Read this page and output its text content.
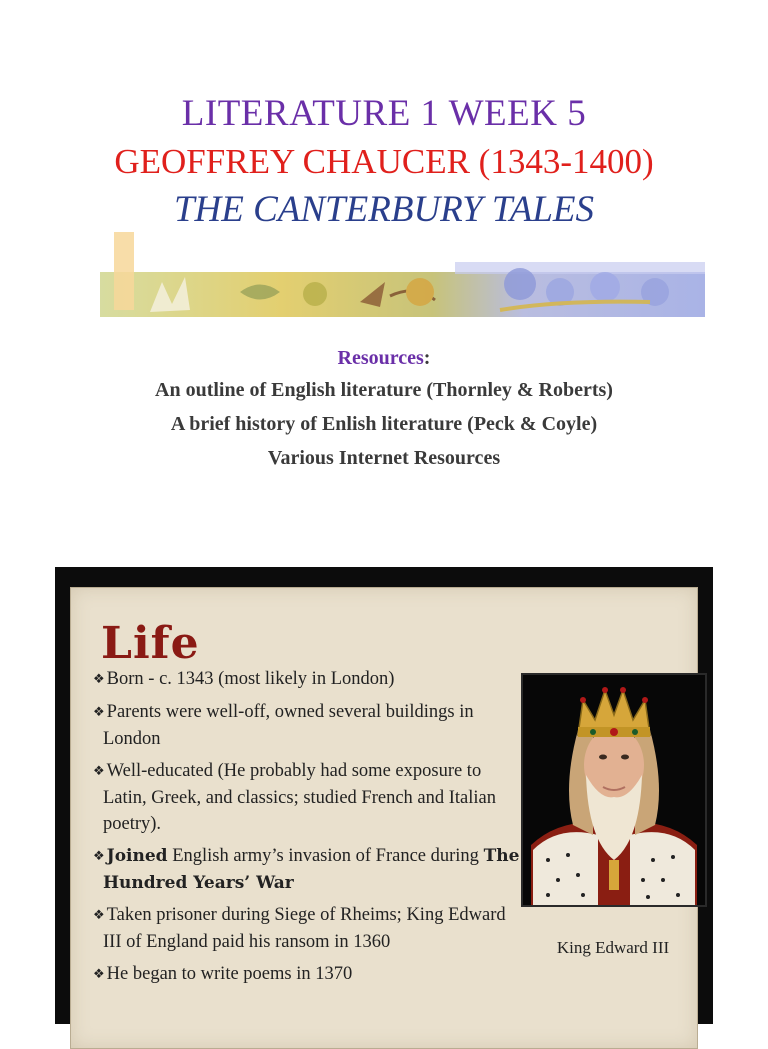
LITERATURE 1 WEEK 5
GEOFFREY CHAUCER (1343-1400)
THE CANTERBURY TALES
Resources:
An outline of English literature (Thornley & Roberts)
A brief history of Enlish literature (Peck & Coyle)
Various Internet Resources
Life
❖ Born - c. 1343 (most likely in London)
❖ Parents were well-off, owned several buildings in London
❖ Well-educated (He probably had some exposure to Latin, Greek, and classics; studied French and Italian poetry).
❖ Joined English army’s invasion of France during The Hundred Years’ War
❖ Taken prisoner during Siege of Rheims; King Edward III of England paid his ransom in 1360
❖ He began to write poems in 1370
King Edward III
